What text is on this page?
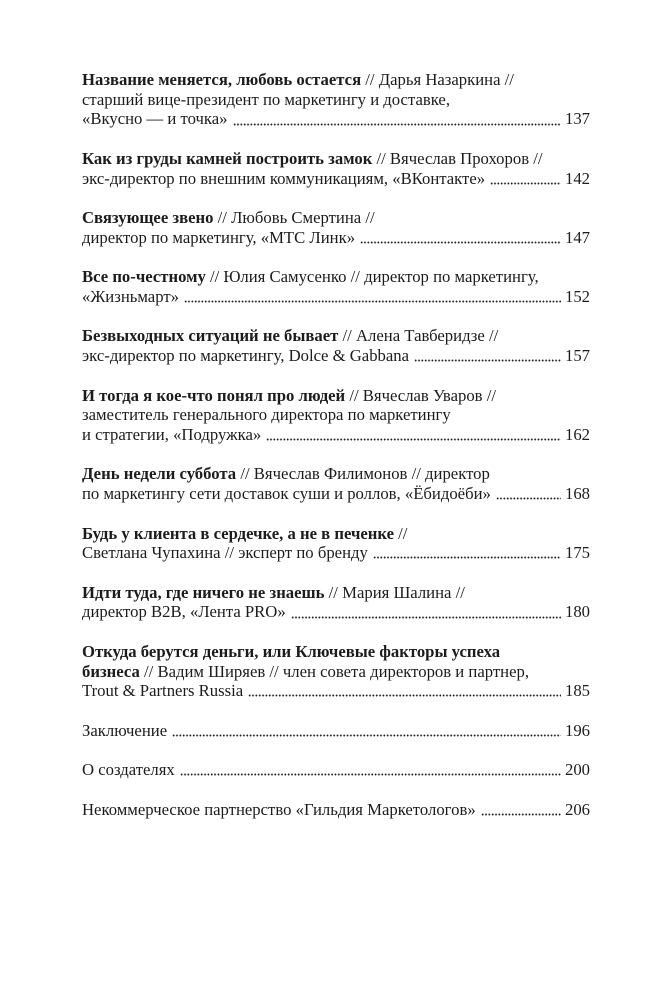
Название меняется, любовь остается // Дарья Назаркина //
старший вице-президент по маркетингу и доставке,
«Вкусно — и точка»	137
Как из груды камней построить замок // Вячеслав Прохоров //
экс-директор по внешним коммуникациям, «ВКонтакте»	142
Связующее звено // Любовь Смертина //
директор по маркетингу, «МТС Линк»	147
Все по-честному // Юлия Самусенко // директор по маркетингу,
«Жизньмарт»	152
Безвыходных ситуаций не бывает // Алена Тавберидзе //
экс-директор по маркетингу, Dolce & Gabbana	157
И тогда я кое-что понял про людей // Вячеслав Уваров //
заместитель генерального директора по маркетингу
и стратегии, «Подружка»	162
День недели суббота // Вячеслав Филимонов // директор
по маркетингу сети доставок суши и роллов, «Ёбидоёби»	168
Будь у клиента в сердечке, а не в печенке //
Светлана Чупахина // эксперт по бренду	175
Идти туда, где ничего не знаешь // Мария Шалина //
директор B2B, «Лента PRO»	180
Откуда берутся деньги, или Ключевые факторы успеха
бизнеса // Вадим Ширяев // член совета директоров и партнер,
Trout & Partners Russia	185
Заключение	196
О создателях	200
Некоммерческое партнерство «Гильдия Маркетологов»	206
